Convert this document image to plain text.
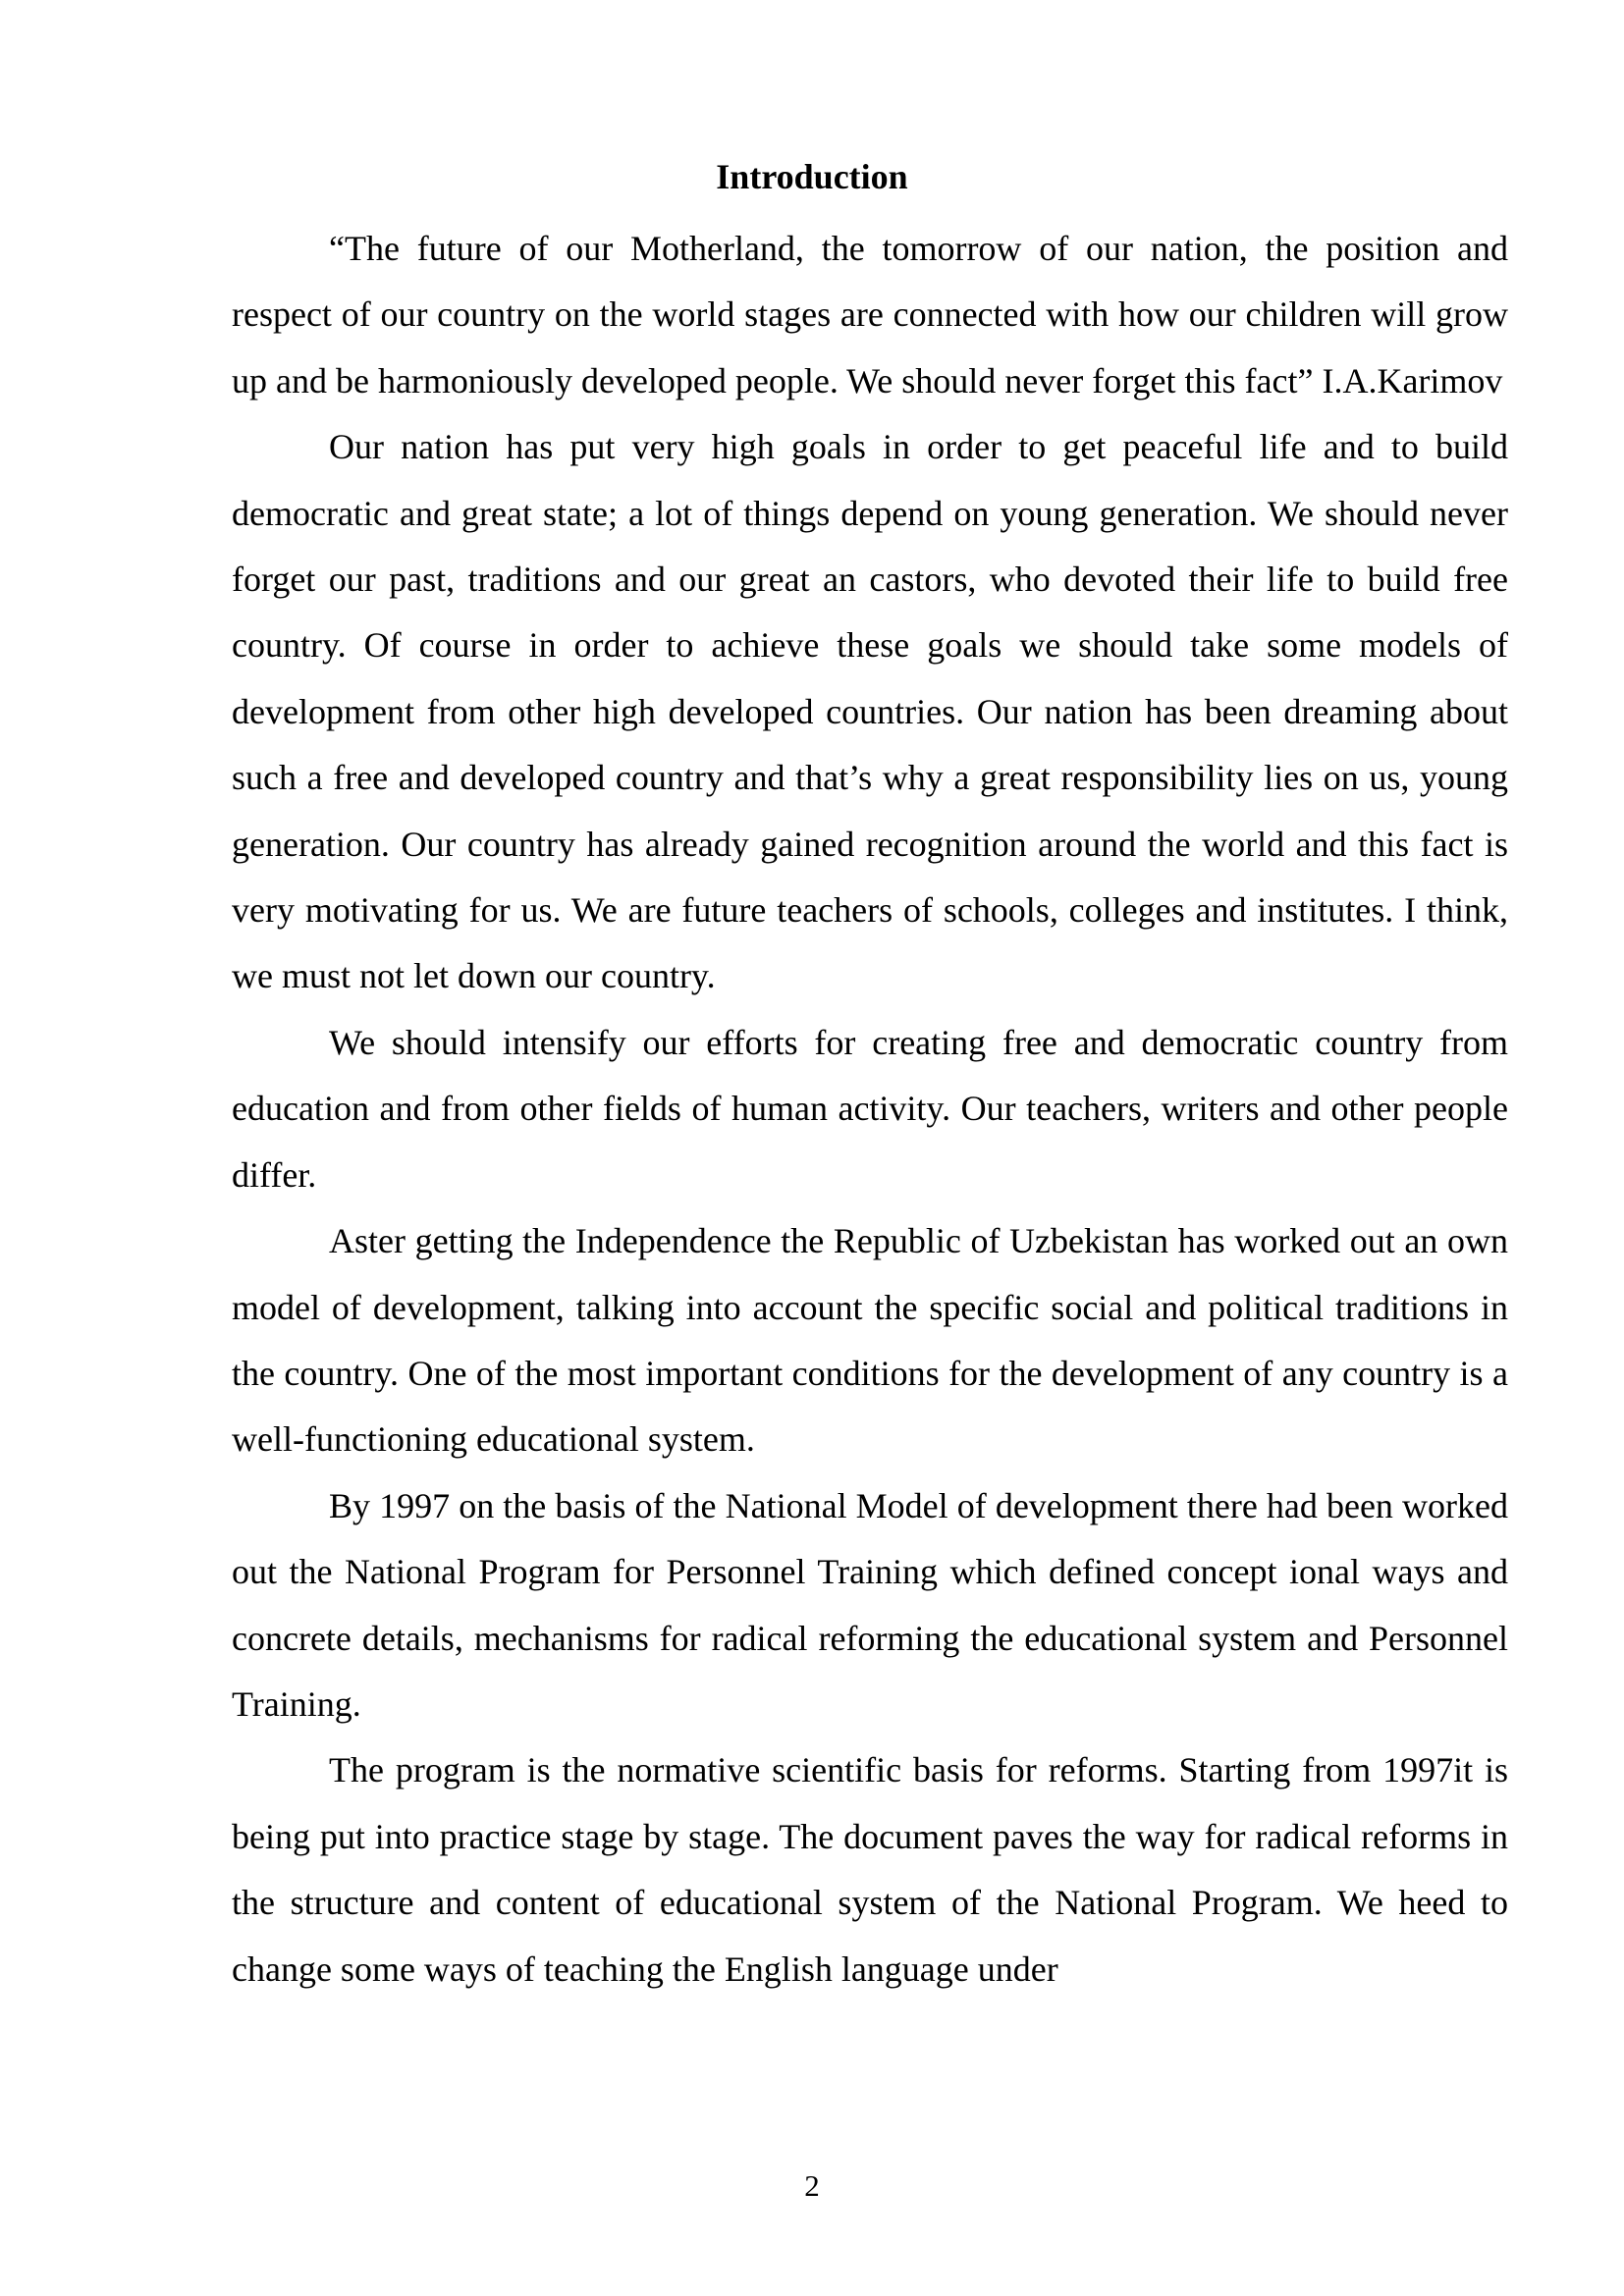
Introduction

“The future of our Motherland, the tomorrow of our nation, the position and respect of our country on the world stages are connected with how our children will grow up and be harmoniously developed people. We should never forget this fact” I.A.Karimov

Our nation has put very high goals in order to get peaceful life and to build democratic and great state; a lot of things depend on young generation. We should never forget our past, traditions and our great an castors, who devoted their life to build free country. Of course in order to achieve these goals we should take some models of development from other high developed countries. Our nation has been dreaming about such a free and developed country and that’s why a great responsibility lies on us, young generation. Our country has already gained recognition around the world and this fact is very motivating for us. We are future teachers of schools, colleges and institutes. I think, we must not let down our country.

We should intensify our efforts for creating free and democratic country from education and from other fields of human activity. Our teachers, writers and other people differ.

Aster getting the Independence the Republic of Uzbekistan has worked out an own model of development, talking into account the specific social and political traditions in the country. One of the most important conditions for the development of any country is a well-functioning educational system.

By 1997 on the basis of the National Model of development there had been worked out the National Program for Personnel Training which defined concept ional ways and concrete details, mechanisms for radical reforming the educational system and Personnel Training.

The program is the normative scientific basis for reforms. Starting from 1997it is being put into practice stage by stage. The document paves the way for radical reforms in the structure and content of educational system of the National Program. We heed to change some ways of teaching the English language under

2
